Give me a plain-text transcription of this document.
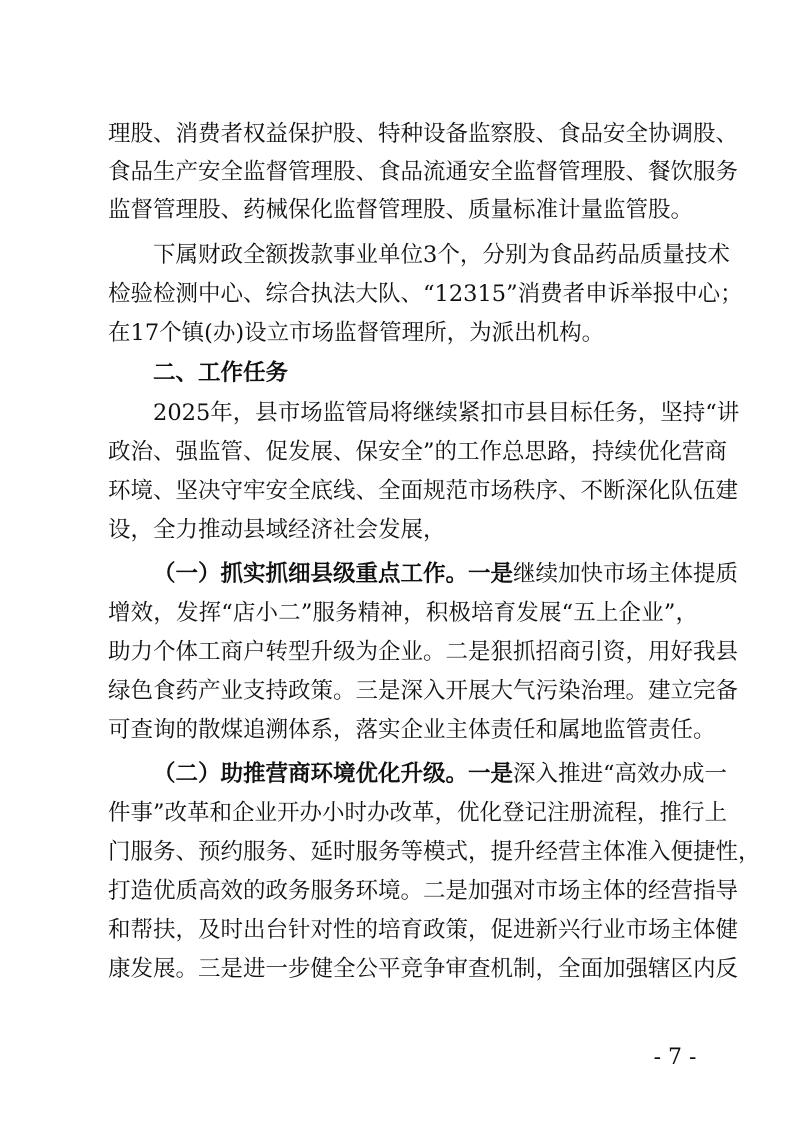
理股、消费者权益保护股、特种设备监察股、食品安全协调股、
食品生产安全监督管理股、食品流通安全监督管理股、餐饮服务
监督管理股、药械保化监督管理股、质量标准计量监管股。
下属财政全额拨款事业单位3个，分别为食品药品质量技术
检验检测中心、综合执法大队、“12315”消费者申诉举报中心；
在17个镇(办)设立市场监督管理所，为派出机构。
二、工作任务
2025年，县市场监管局将继续紧扣市县目标任务，坚持“讲
政治、强监管、促发展、保安全”的工作总思路，持续优化营商
环境、坚决守牢安全底线、全面规范市场秩序、不断深化队伍建
设，全力推动县域经济社会发展，
（一）抓实抓细县级重点工作。一是继续加快市场主体提质
增效，发挥“店小二”服务精神，积极培育发展“五上企业”，
助力个体工商户转型升级为企业。二是狠抓招商引资，用好我县
绿色食药产业支持政策。三是深入开展大气污染治理。建立完备
可查询的散煤追溯体系，落实企业主体责任和属地监管责任。
（二）助推营商环境优化升级。一是深入推进“高效办成一
件事”改革和企业开办小时办改革，优化登记注册流程，推行上
门服务、预约服务、延时服务等模式，提升经营主体准入便捷性，
打造优质高效的政务服务环境。二是加强对市场主体的经营指导
和帮扶，及时出台针对性的培育政策，促进新兴行业市场主体健
康发展。三是进一步健全公平竞争审查机制，全面加强辖区内反
- 7 -
